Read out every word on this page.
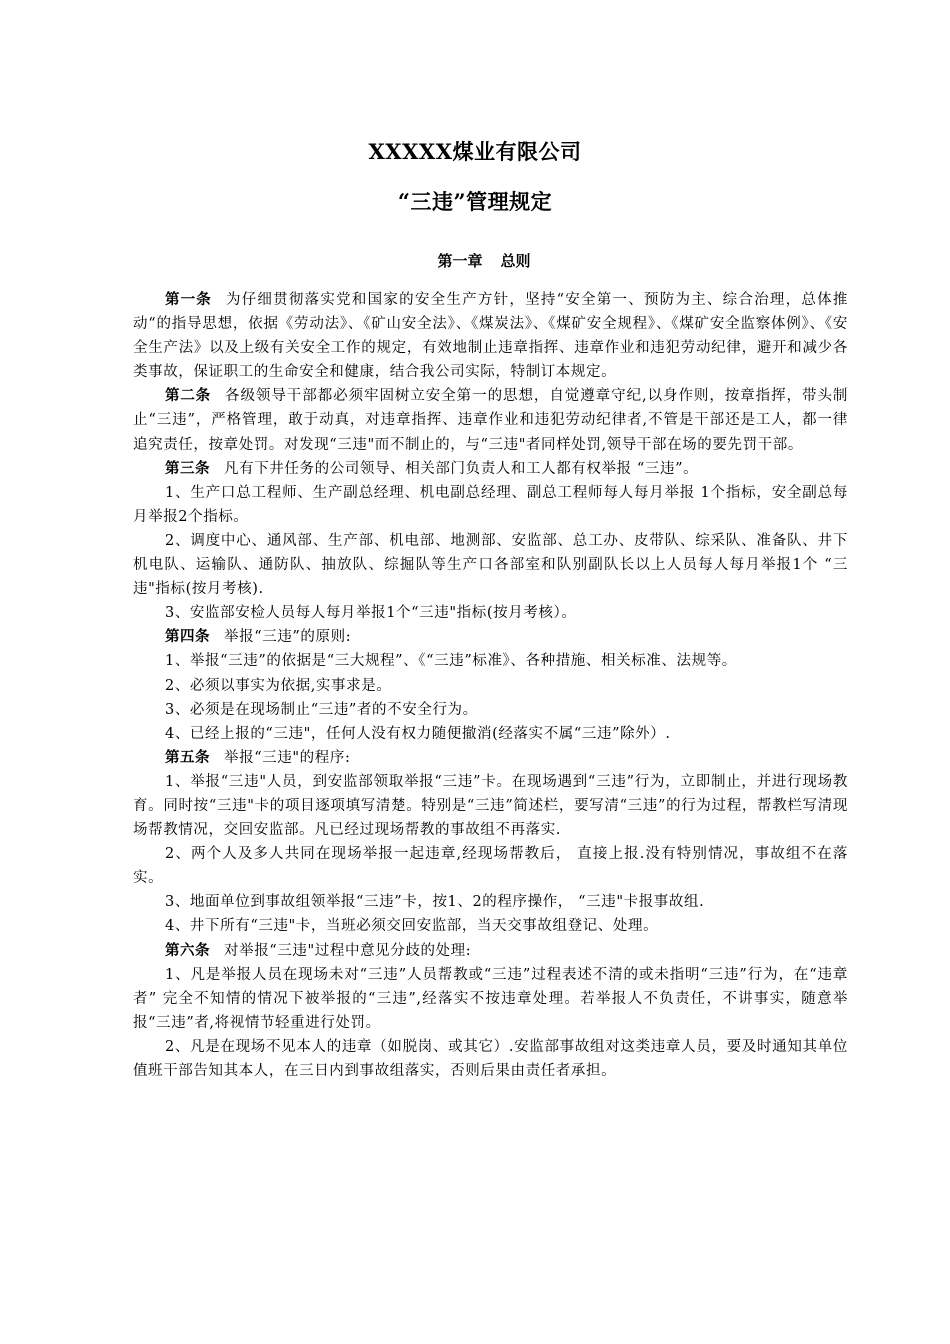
XXXXX煤业有限公司
“三违”管理规定
第一章 总则

第一条 为仔细贯彻落实党和国家的安全生产方针，坚持“安全第一、预防为主、综合治理，总体推动“的指导思想，依据《劳动法》、《矿山安全法》、《煤炭法》、《煤矿安全规程》、《煤矿安全监察体例》、《安全生产法》以及上级有关安全工作的规定，有效地制止违章指挥、违章作业和违犯劳动纪律，避开和减少各类事故，保证职工的生命安全和健康，结合我公司实际，特制订本规定。

第二条 各级领导干部都必须牢固树立安全第一的思想，自觉遵章守纪,以身作则，按章指挥，带头制止“三违”，严格管理，敢于动真，对违章指挥、违章作业和违犯劳动纪律者,不管是干部还是工人，都一律追究责任，按章处罚。对发现“三违"而不制止的，与“三违"者同样处罚,领导干部在场的要先罚干部。

第三条 凡有下井任务的公司领导、相关部门负责人和工人都有权举报 “三违”。

1、生产口总工程师、生产副总经理、机电副总经理、副总工程师每人每月举报 1个指标，安全副总每月举报2个指标。

2、调度中心、通风部、生产部、机电部、地测部、安监部、总工办、皮带队、综采队、准备队、井下机电队、运输队、通防队、抽放队、综掘队等生产口各部室和队别副队长以上人员每人每月举报1个 “三违"指标(按月考核).

3、安监部安检人员每人每月举报1个“三违"指标(按月考核）。

第四条 举报“三违”的原则:

1、举报“三违”的依据是“三大规程”、《“三违”标准》、各种措施、相关标准、法规等。

2、必须以事实为依据,实事求是。

3、必须是在现场制止“三违”者的不安全行为。

4、已经上报的“三违"，任何人没有权力随便撤消(经落实不属“三违”除外）.

第五条 举报“三违"的程序:

1、举报“三违"人员，到安监部领取举报“三违”卡。在现场遇到“三违”行为，立即制止，并进行现场教育。同时按“三违"卡的项目逐项填写清楚。特别是“三违”简述栏，要写清“三违”的行为过程，帮教栏写清现场帮教情况，交回安监部。凡已经过现场帮教的事故组不再落实.

2、两个人及多人共同在现场举报一起违章,经现场帮教后， 直接上报.没有特别情况，事故组不在落实。

3、地面单位到事故组领举报“三违”卡，按1、2的程序操作， “三违"卡报事故组.

4、井下所有“三违"卡，当班必须交回安监部，当天交事故组登记、处理。

第六条 对举报“三违"过程中意见分歧的处理:

1、凡是举报人员在现场未对“三违”人员帮教或“三违”过程表述不清的或未指明“三违”行为，在“违章者” 完全不知情的情况下被举报的“三违”,经落实不按违章处理。若举报人不负责任，不讲事实，随意举报“三违”者,将视情节轻重进行处罚。

2、凡是在现场不见本人的违章（如脱岗、或其它）.安监部事故组对这类违章人员，要及时通知其单位值班干部告知其本人，在三日内到事故组落实，否则后果由责任者承担。
